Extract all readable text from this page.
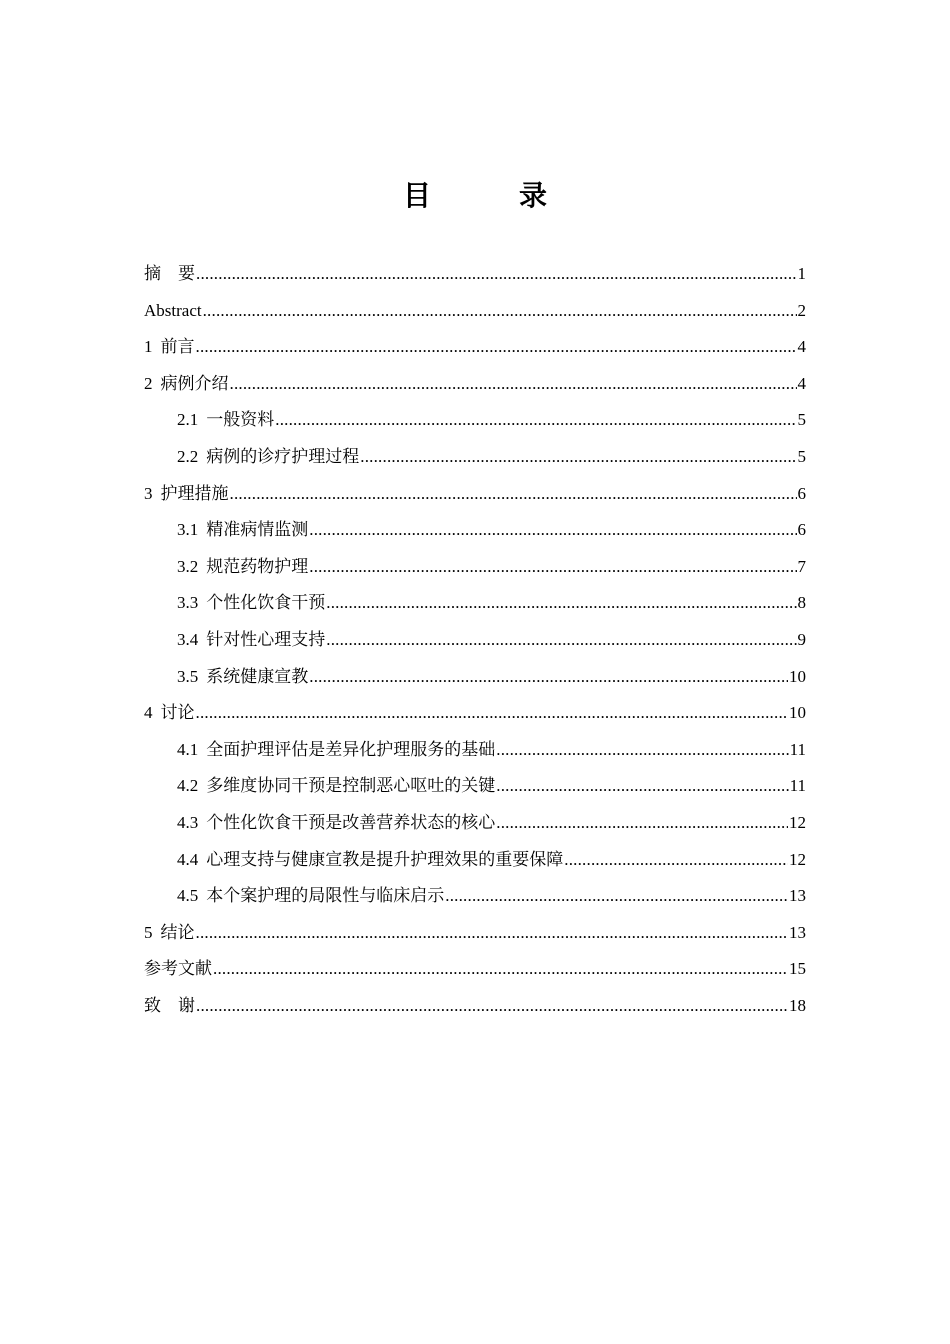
目　录
摘　要 .....	1
Abstract .....	2
1 前言 .....	4
2 病例介绍 .....	4
2.1 一般资料 .....	5
2.2 病例的诊疗护理过程 .....	5
3 护理措施 .....	6
3.1 精准病情监测 .....	6
3.2 规范药物护理 .....	7
3.3 个性化饮食干预 .....	8
3.4 针对性心理支持 .....	9
3.5 系统健康宣教 .....	10
4 讨论 .....	10
4.1 全面护理评估是差异化护理服务的基础 .....	11
4.2 多维度协同干预是控制恶心呕吐的关键 .....	11
4.3 个性化饮食干预是改善营养状态的核心 .....	12
4.4 心理支持与健康宣教是提升护理效果的重要保障 .....	12
4.5 本个案护理的局限性与临床启示 .....	13
5 结论 .....	13
参考文献 .....	15
致　谢 .....	18
